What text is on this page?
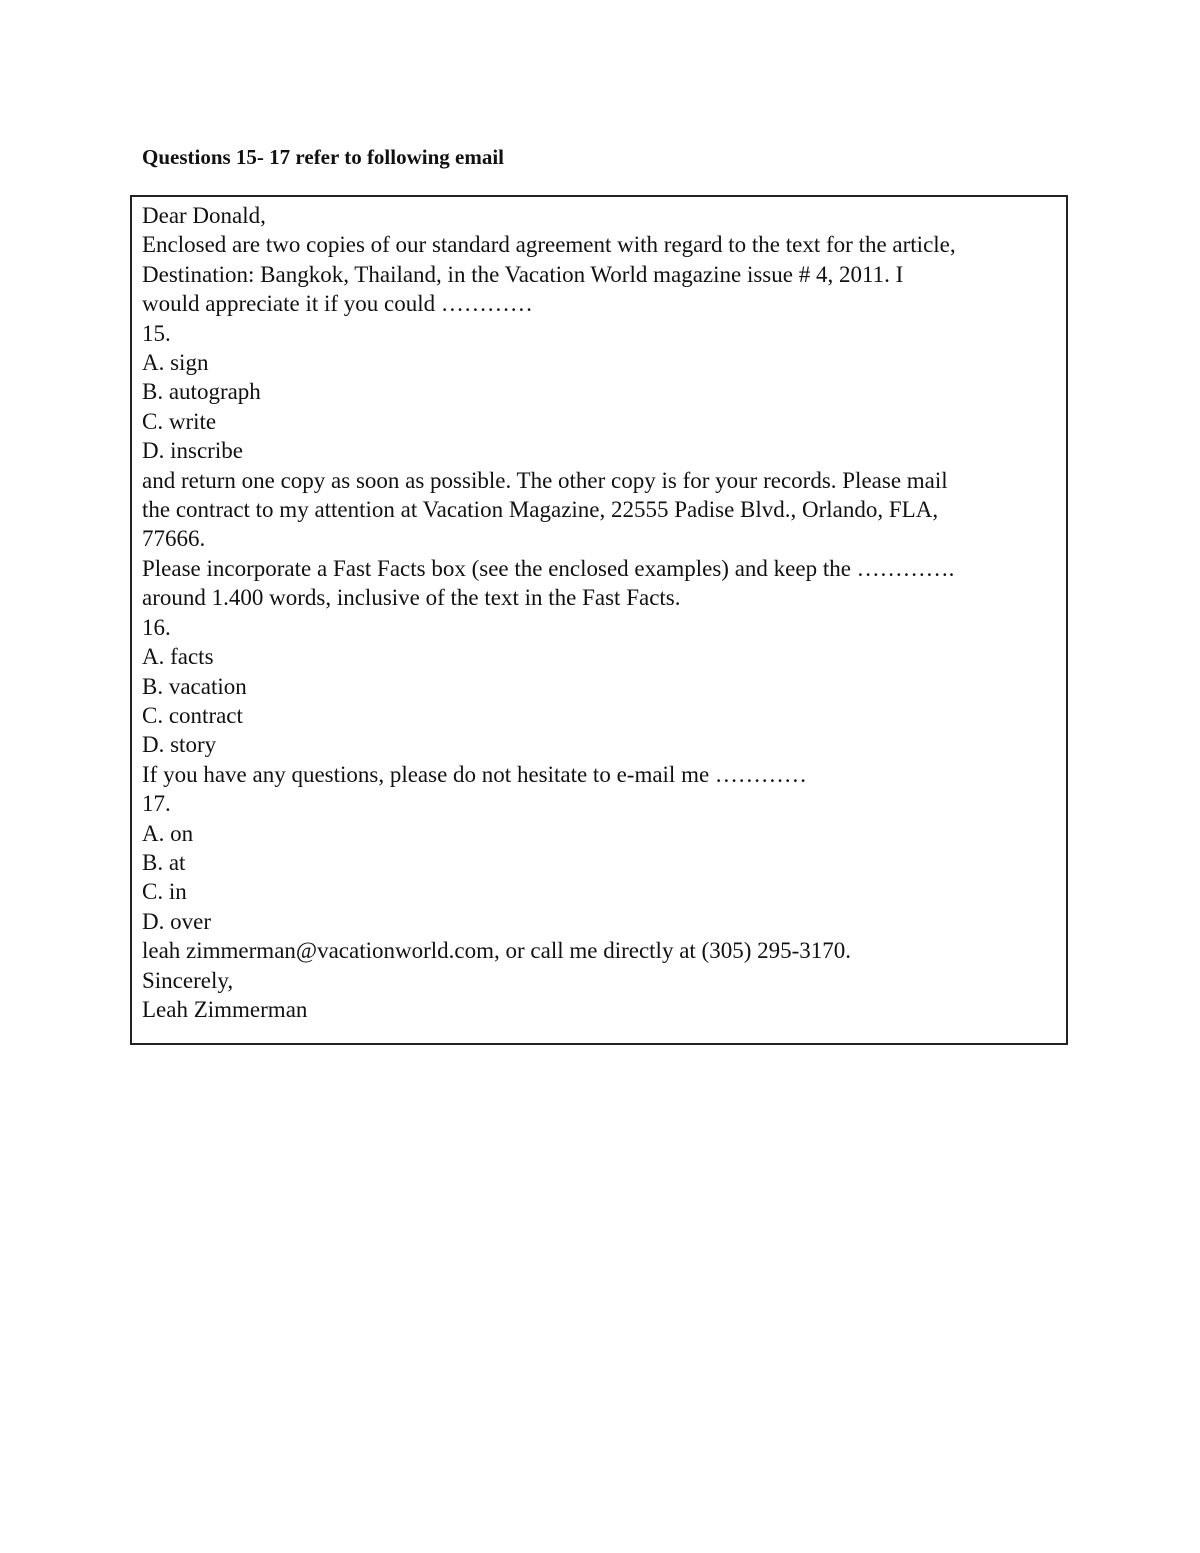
Questions 15- 17 refer to following email
Dear Donald,
Enclosed are two copies of our standard agreement with regard to the text for the article,
Destination: Bangkok, Thailand, in the Vacation World magazine issue # 4, 2011. I
would appreciate it if you could …………
15.
A. sign
B. autograph
C. write
D. inscribe
and return one copy as soon as possible. The other copy is for your records. Please mail
the contract to my attention at Vacation Magazine, 22555 Padise Blvd., Orlando, FLA,
77666.
Please incorporate a Fast Facts box (see the enclosed examples) and keep the ………….
around 1.400 words, inclusive of the text in the Fast Facts.
16.
A. facts
B. vacation
C. contract
D. story
If you have any questions, please do not hesitate to e-mail me …………
17.
A. on
B. at
C. in
D. over
leah zimmerman@vacationworld.com, or call me directly at (305) 295-3170.
Sincerely,
Leah Zimmerman
